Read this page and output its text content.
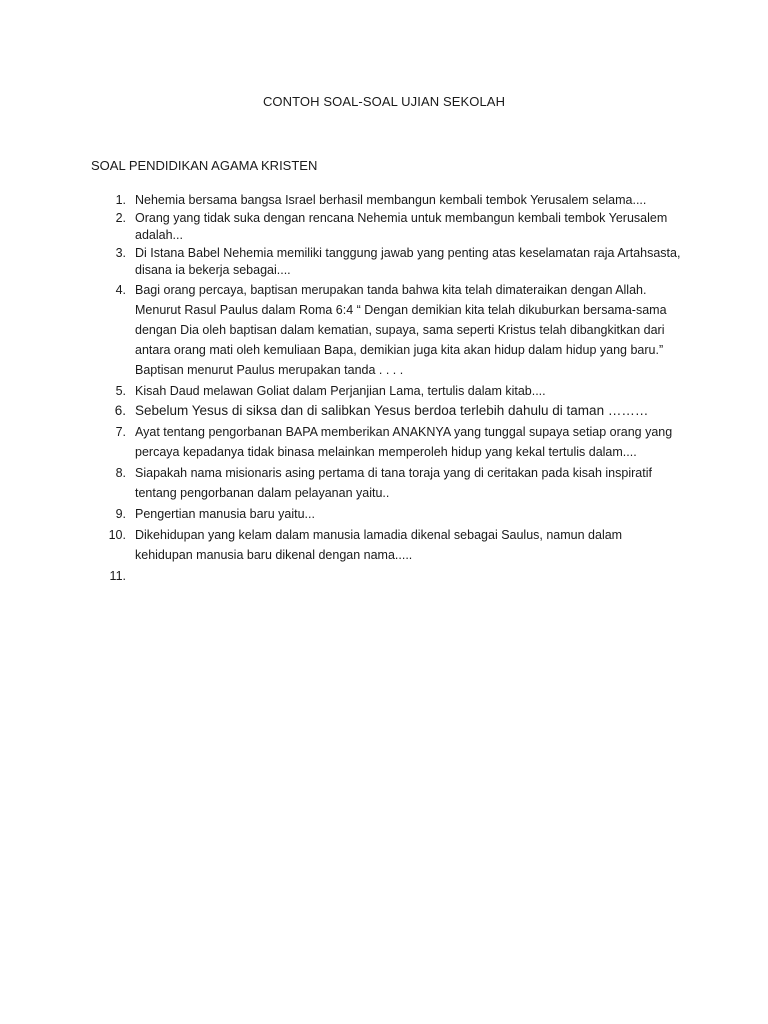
CONTOH SOAL-SOAL UJIAN SEKOLAH
SOAL PENDIDIKAN AGAMA KRISTEN
1. Nehemia bersama bangsa Israel berhasil membangun kembali tembok Yerusalem selama....
2. Orang yang tidak suka dengan rencana Nehemia untuk membangun kembali tembok Yerusalem adalah...
3. Di Istana Babel Nehemia memiliki tanggung jawab yang penting atas keselamatan raja Artahsasta, disana ia bekerja sebagai....
4. Bagi orang percaya, baptisan merupakan tanda bahwa kita telah dimateraikan dengan Allah. Menurut Rasul Paulus dalam Roma 6:4 “ Dengan demikian kita telah dikuburkan bersama-sama dengan Dia oleh baptisan dalam kematian, supaya, sama seperti Kristus telah dibangkitkan dari antara orang mati oleh kemuliaan Bapa, demikian juga kita akan hidup dalam hidup yang baru.” Baptisan menurut Paulus merupakan tanda . . . .
5. Kisah Daud melawan Goliat dalam Perjanjian Lama, tertulis dalam kitab....
6. Sebelum Yesus di siksa dan di salibkan Yesus berdoa terlebih dahulu di taman ………
7. Ayat tentang pengorbanan BAPA memberikan ANAKNYA yang tunggal supaya setiap orang yang percaya kepadanya tidak binasa melainkan memperoleh hidup yang kekal tertulis dalam....
8. Siapakah nama misionaris asing pertama di tana toraja yang di ceritakan pada kisah inspiratif tentang pengorbanan dalam pelayanan yaitu..
9. Pengertian manusia baru yaitu...
10. Dikehidupan yang kelam dalam manusia lamadia dikenal sebagai Saulus, namun dalam kehidupan manusia baru dikenal dengan nama.....
11.
